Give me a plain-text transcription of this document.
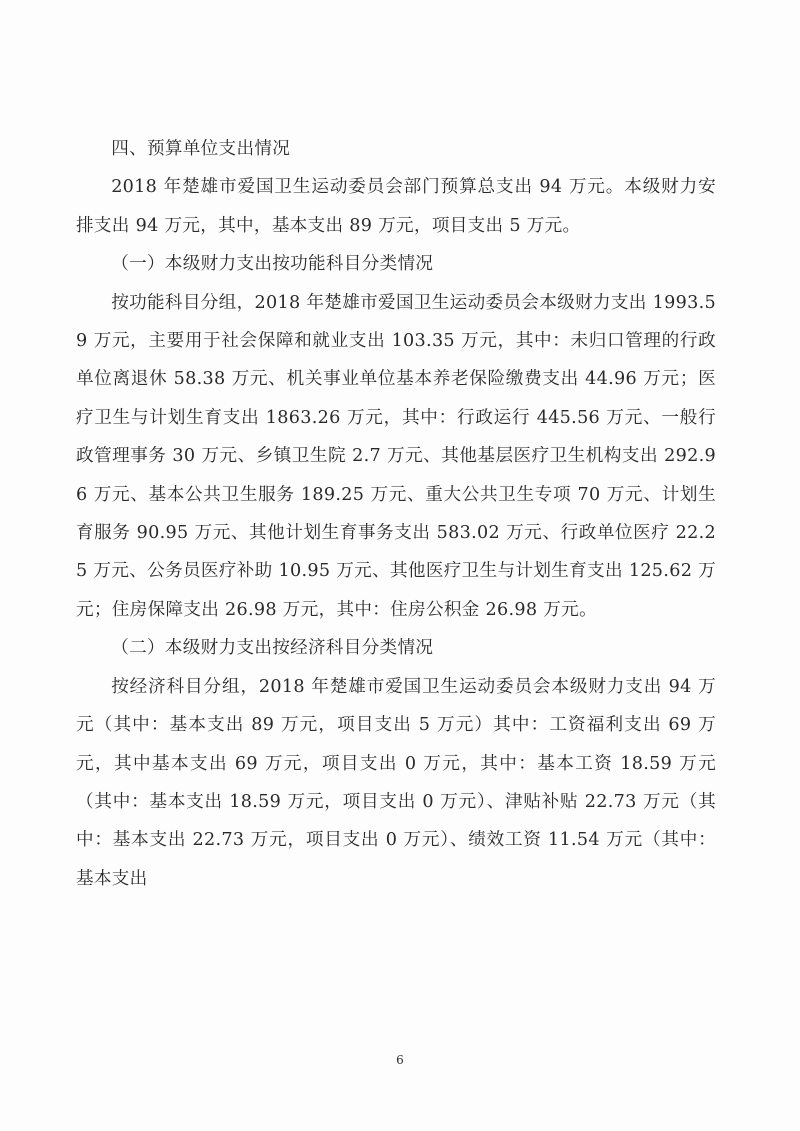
四、预算单位支出情况

2018 年楚雄市爱国卫生运动委员会部门预算总支出 94 万元。本级财力安排支出 94 万元，其中，基本支出 89 万元，项目支出 5 万元。

（一）本级财力支出按功能科目分类情况

按功能科目分组，2018 年楚雄市爱国卫生运动委员会本级财力支出 1993.59 万元，主要用于社会保障和就业支出 103.35 万元，其中：未归口管理的行政单位离退休 58.38 万元、机关事业单位基本养老保险缴费支出 44.96 万元；医疗卫生与计划生育支出 1863.26 万元，其中：行政运行 445.56 万元、一般行政管理事务 30 万元、乡镇卫生院 2.7 万元、其他基层医疗卫生机构支出 292.96 万元、基本公共卫生服务 189.25 万元、重大公共卫生专项 70 万元、计划生育服务 90.95 万元、其他计划生育事务支出 583.02 万元、行政单位医疗 22.25 万元、公务员医疗补助 10.95 万元、其他医疗卫生与计划生育支出 125.62 万元；住房保障支出 26.98 万元，其中：住房公积金 26.98 万元。

（二）本级财力支出按经济科目分类情况

按经济科目分组，2018 年楚雄市爱国卫生运动委员会本级财力支出 94 万元（其中：基本支出 89 万元，项目支出 5 万元）其中：工资福利支出 69 万元，其中基本支出 69 万元，项目支出 0 万元，其中：基本工资 18.59 万元（其中：基本支出 18.59 万元，项目支出 0 万元）、津贴补贴 22.73 万元（其中：基本支出 22.73 万元，项目支出 0 万元）、绩效工资 11.54 万元（其中：基本支出

6
